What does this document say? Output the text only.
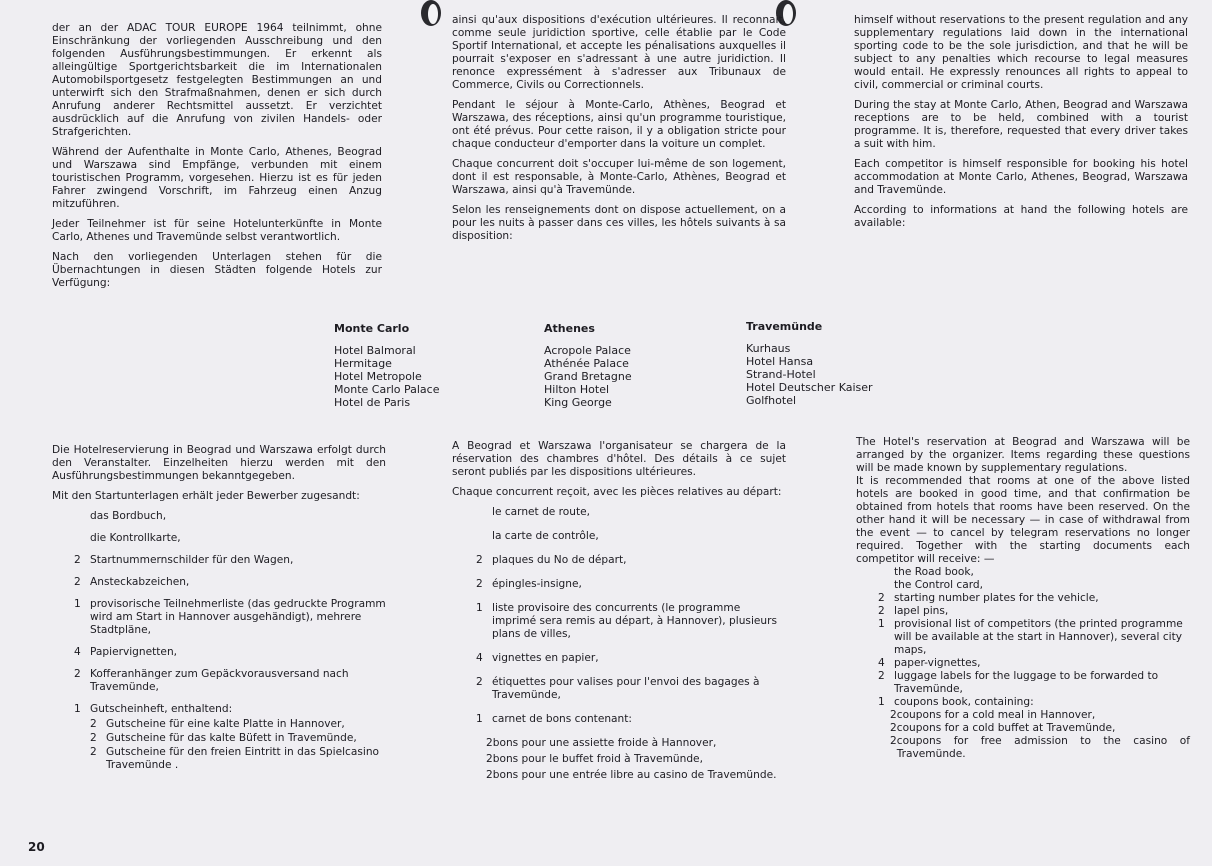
der an der ADAC TOUR EUROPE 1964 teilnimmt, ohne Einschränkung der vorliegenden Ausschreibung und den folgenden Ausführungsbestimmungen. Er erkennt als alleingültige Sportgerichtsbarkeit die im Internationalen Automobilsportgesetz festgelegten Bestimmungen an und unterwirft sich den Strafmaßnahmen, denen er sich durch Anrufung anderer Rechtsmittel aussetzt. Er verzichtet ausdrücklich auf die Anrufung von zivilen Handels- oder Strafgerichten.

Während der Aufenthalte in Monte Carlo, Athenes, Beograd und Warszawa sind Empfänge, verbunden mit einem touristischen Programm, vorgesehen. Hierzu ist es für jeden Fahrer zwingend Vorschrift, im Fahrzeug einen Anzug mitzuführen.

Jeder Teilnehmer ist für seine Hotelunterkünfte in Monte Carlo, Athenes und Travemünde selbst verantwortlich.

Nach den vorliegenden Unterlagen stehen für die Übernachtungen in diesen Städten folgende Hotels zur Verfügung:

ainsi qu'aux dispositions d'exécution ultérieures. Il reconnait, comme seule juridiction sportive, celle établie par le Code Sportif International, et accepte les pénalisations auxquelles il pourrait s'exposer en s'adressant à une autre juridiction. Il renonce expressément à s'adresser aux Tribunaux de Commerce, Civils ou Correctionnels.

Pendant le séjour à Monte-Carlo, Athènes, Beograd et Warszawa, des réceptions, ainsi qu'un programme touristique, ont été prévus. Pour cette raison, il y a obligation stricte pour chaque conducteur d'emporter dans la voiture un complet.

Chaque concurrent doit s'occuper lui-même de son logement, dont il est responsable, à Monte-Carlo, Athènes, Beograd et Warszawa, ainsi qu'à Travemünde.

Selon les renseignements dont on dispose actuellement, on a pour les nuits à passer dans ces villes, les hôtels suivants à sa disposition:

himself without reservations to the present regulation and any supplementary regulations laid down in the international sporting code to be the sole jurisdiction, and that he will be subject to any penalties which recourse to legal measures would entail. He expressly renounces all rights to appeal to civil, commercial or criminal courts.

During the stay at Monte Carlo, Athen, Beograd and Warszawa receptions are to be held, combined with a tourist programme. It is, therefore, requested that every driver takes a suit with him.

Each competitor is himself responsible for booking his hotel accommodation at Monte Carlo, Athenes, Beograd, Warszawa and Travemünde.

According to informations at hand the following hotels are available:

Monte Carlo
Hotel Balmoral
Hermitage
Hotel Metropole
Monte Carlo Palace
Hotel de Paris
Athenes
Acropole Palace
Athénée Palace
Grand Bretagne
Hilton Hotel
King George
Travemünde
Kurhaus
Hotel Hansa
Strand-Hotel
Hotel Deutscher Kaiser
Golfhotel

Die Hotelreservierung in Beograd und Warszawa erfolgt durch den Veranstalter. Einzelheiten hierzu werden mit den Ausführungsbestimmungen bekanntgegeben.

Mit den Startunterlagen erhält jeder Bewerber zugesandt:

das Bordbuch,
die Kontrollkarte,
2 Startnummernschilder für den Wagen,
2 Ansteckabzeichen,
1 provisorische Teilnehmerliste (das gedruckte Programm wird am Start in Hannover ausgehändigt), mehrere Stadtpläne,
4 Papiervignetten,
2 Kofferanhänger zum Gepäckvorausversand nach Travemünde,
1 Gutscheinheft, enthaltend:
2 Gutscheine für eine kalte Platte in Hannover,
2 Gutscheine für das kalte Büfett in Travemünde,
2 Gutscheine für den freien Eintritt in das Spielcasino Travemünde .

A Beograd et Warszawa l'organisateur se chargera de la réservation des chambres d'hôtel. Des détails à ce sujet seront publiés par les dispositions ultérieures.

Chaque concurrent reçoit, avec les pièces relatives au départ:

le carnet de route,
la carte de contrôle,
2 plaques du No de départ,
2 épingles-insigne,
1 liste provisoire des concurrents (le programme imprimé sera remis au départ, à Hannover), plusieurs plans de villes,
4 vignettes en papier,
2 étiquettes pour valises pour l'envoi des bagages à Travemünde,
1 carnet de bons contenant:
2 bons pour une assiette froide à Hannover,
2 bons pour le buffet froid à Travemünde,
2 bons pour une entrée libre au casino de Travemünde.

The Hotel's reservation at Beograd and Warszawa will be arranged by the organizer. Items regarding these questions will be made known by supplementary regulations.

It is recommended that rooms at one of the above listed hotels are booked in good time, and that confirmation be obtained from hotels that rooms have been reserved. On the other hand it will be necessary — in case of withdrawal from the event — to cancel by telegram reservations no longer required. Together with the starting documents each competitor will receive: —

the Road book,
the Control card,
2 starting number plates for the vehicle,
2 lapel pins,
1 provisional list of competitors (the printed programme will be available at the start in Hannover), several city maps,
4 paper-vignettes,
2 luggage labels for the luggage to be forwarded to Travemünde,
1 coupons book, containing:
2 coupons for a cold meal in Hannover,
2 coupons for a cold buffet at Travemünde,
2 coupons for free admission to the casino of Travemünde.
20
